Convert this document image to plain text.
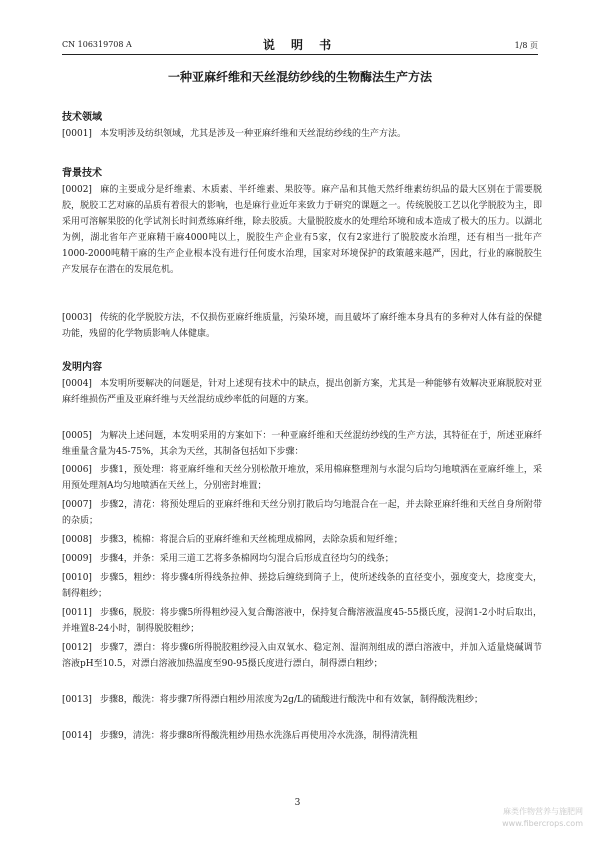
CN 106319708 A	说 明 书	1/8 页
一种亚麻纤维和天丝混纺纱线的生物酶法生产方法
技术领域

[0001] 本发明涉及纺织领域，尤其是涉及一种亚麻纤维和天丝混纺纱线的生产方法。

背景技术

[0002] 麻的主要成分是纤维素、木质素、半纤维素、果胶等。麻产品和其他天然纤维素纺织品的最大区别在于需要脱胶，脱胶工艺对麻的品质有着很大的影响，也是麻行业近年来致力于研究的课题之一。传统脱胶工艺以化学脱胶为主，即采用可溶解果胶的化学试剂长时间煮练麻纤维，除去胶质。大量脱胶废水的处理给环境和成本造成了极大的压力。以湖北为例，湖北省年产亚麻精干麻4000吨以上，脱胶生产企业有5家，仅有2家进行了脱胶废水治理，还有相当一批年产1000-2000吨精干麻的生产企业根本没有进行任何废水治理，国家对环境保护的政策越来越严，因此，行业的麻脱胶生产发展存在潜在的发展危机。

[0003] 传统的化学脱胶方法，不仅损伤亚麻纤维质量，污染环境，而且破坏了麻纤维本身具有的多种对人体有益的保健功能，残留的化学物质影响人体健康。

发明内容

[0004] 本发明所要解决的问题是，针对上述现有技术中的缺点，提出创新方案，尤其是一种能够有效解决亚麻脱胶对亚麻纤维损伤严重及亚麻纤维与天丝混纺成纱率低的问题的方案。

[0005] 为解决上述问题，本发明采用的方案如下：一种亚麻纤维和天丝混纺纱线的生产方法，其特征在于，所述亚麻纤维重量含量为45-75%，其余为天丝，其制备包括如下步骤：

[0006] 步骤1，预处理：将亚麻纤维和天丝分别松散开堆放，采用棉麻整理剂与水混匀后均匀地喷洒在亚麻纤维上，采用预处理剂A均匀地喷洒在天丝上，分别密封堆置；

[0007] 步骤2，清花：将预处理后的亚麻纤维和天丝分别打散后均匀地混合在一起，并去除亚麻纤维和天丝自身所附带的杂质；

[0008] 步骤3，梳棉：将混合后的亚麻纤维和天丝梳理成棉网，去除杂质和短纤维；

[0009] 步骤4，并条：采用三道工艺将多条棉网均匀混合后形成直径均匀的线条；

[0010] 步骤5，粗纱：将步骤4所得线条拉伸、搓捻后缠绕到筒子上，使所述线条的直径变小，强度变大，捻度变大，制得粗纱；

[0011] 步骤6，脱胶：将步骤5所得粗纱浸入复合酶溶液中，保持复合酶溶液温度45-55摄氏度，浸润1-2小时后取出，并堆置8-24小时，制得脱胶粗纱；

[0012] 步骤7，漂白：将步骤6所得脱胶粗纱浸入由双氧水、稳定剂、湿润剂组成的漂白溶液中，并加入适量烧碱调节溶液pH至10.5，对漂白溶液加热温度至90-95摄氏度进行漂白，制得漂白粗纱；

[0013] 步骤8，酸洗：将步骤7所得漂白粗纱用浓度为2g/L的硫酸进行酸洗中和有效氯，制得酸洗粗纱；

[0014] 步骤9，清洗：将步骤8所得酸洗粗纱用热水洗涤后再使用冷水洗涤，制得清洗粗

3
麻类作物营养与施肥网
www.fibercrops.com
